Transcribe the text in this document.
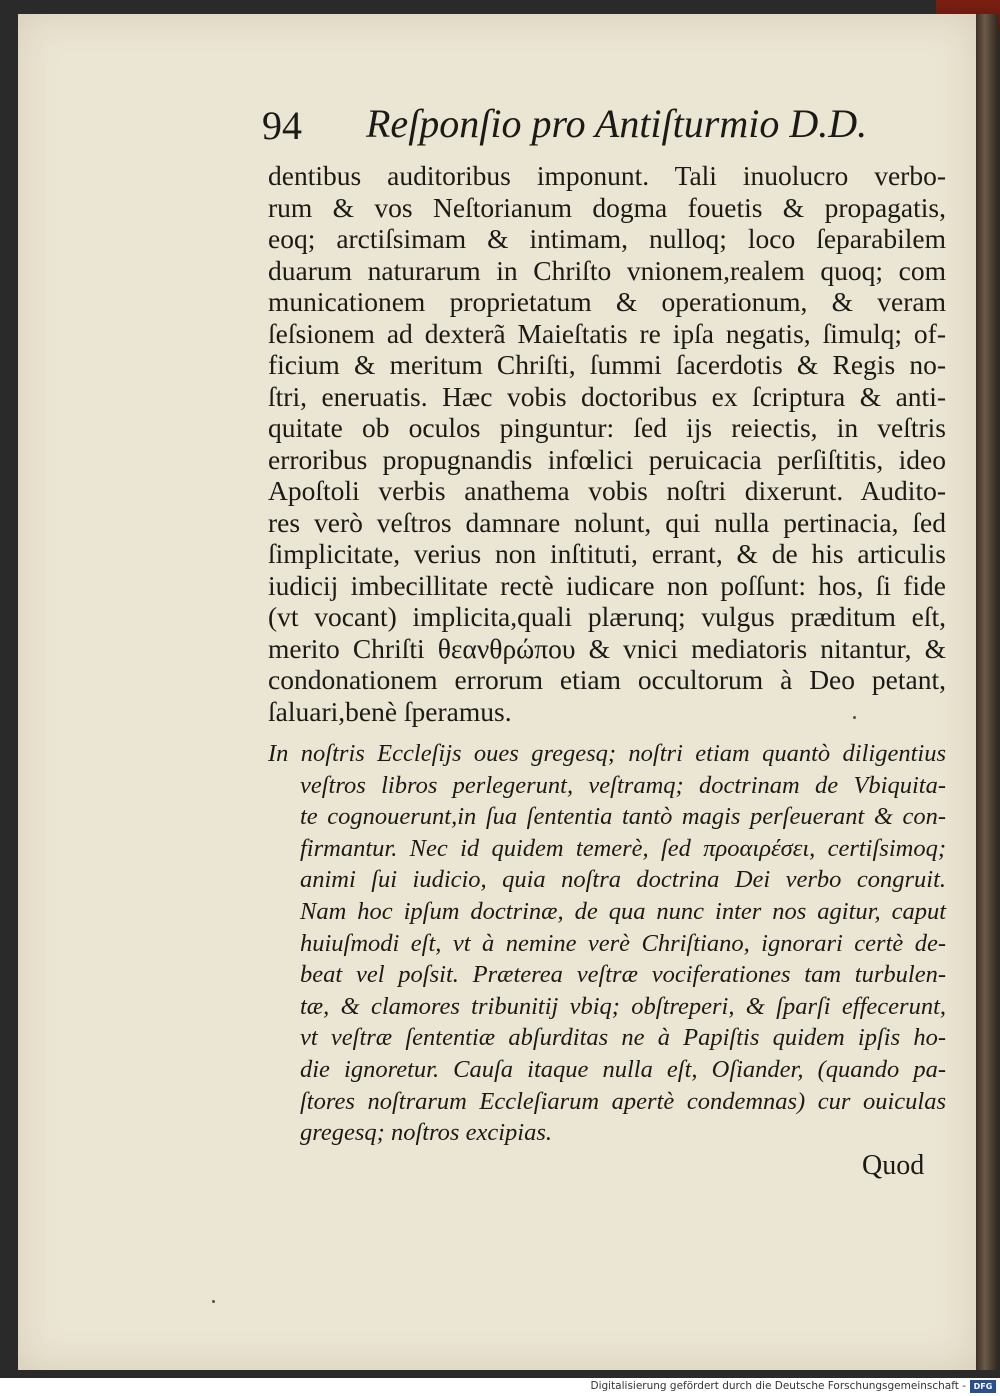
94 Reſponſio pro Antiſturmio D.D.
dentibus auditoribus imponunt. Tali inuolucro verbo-
rum & vos Neſtorianum dogma fouetis & propagatis,
eoq; arctiſsimam & intimam, nulloq; loco ſeparabilem
duarum naturarum in Chriſto vnionem,realem quoq; com
municationem proprietatum & operationum, & veram
ſeſsionem ad dexterã Maieſtatis re ipſa negatis, ſimulq; of-
ficium & meritum Chriſti, ſummi ſacerdotis & Regis no-
ſtri, eneruatis. Hæc vobis doctoribus ex ſcriptura & anti-
quitate ob oculos pinguntur: ſed ijs reiectis, in veſtris
erroribus propugnandis infœlici peruicacia perſiſtitis, ideo
Apoſtoli verbis anathema vobis noſtri dixerunt. Audito-
res verò veſtros damnare nolunt, qui nulla pertinacia, ſed
ſimplicitate, verius non inſtituti, errant, & de his articulis
iudicij imbecillitate rectè iudicare non poſſunt: hos, ſi fide
(vt vocant) implicita,quali plærunq; vulgus præditum eſt,
merito Chriſti θεανθρώπου & vnici mediatoris nitantur, &
condonationem errorum etiam occultorum à Deo petant,
ſaluari,benè ſperamus.
In noſtris Eccleſijs oues gregesq; noſtri etiam quantò diligentius
veſtros libros perlegerunt, veſtramq; doctrinam de Vbiquita-
te cognouerunt,in ſua ſententia tantò magis perſeuerant & con-
firmantur. Nec id quidem temerè, ſed προαιρέσει, certiſsimoq;
animi ſui iudicio, quia noſtra doctrina Dei verbo congruit.
Nam hoc ipſum doctrinæ, de qua nunc inter nos agitur, caput
huiuſmodi eſt, vt à nemine verè Chriſtiano, ignorari certè de-
beat vel poſsit. Præterea veſtræ vociferationes tam turbulen-
tæ, & clamores tribunitij vbiq; obſtreperi, & ſparſi effecerunt,
vt veſtræ ſententiæ abſurditas ne à Papiſtis quidem ipſis ho-
die ignoretur. Cauſa itaque nulla eſt, Oſiander, (quando pa-
ſtores noſtrarum Eccleſiarum apertè condemnas) cur ouiculas
gregesq; noſtros excipias.
Quod
Digitalisierung gefördert durch die Deutsche Forschungsgemeinschaft - DFG
